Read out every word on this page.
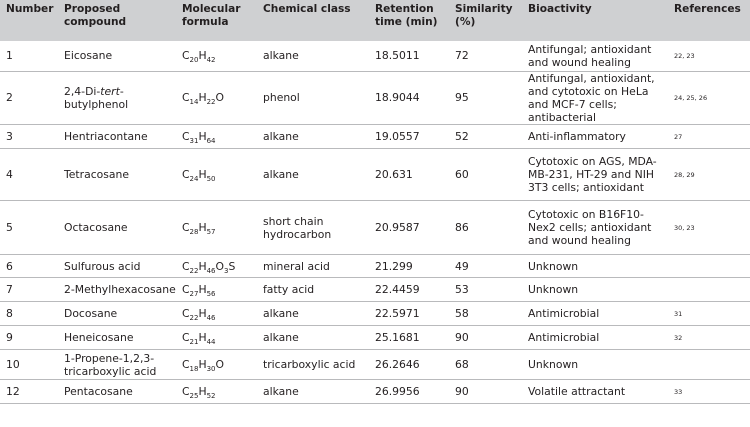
Number	Proposed compound	Molecular formula	Chemical class	Retention time (min)	Similarity (%)	Bioactivity	References
1	Eicosane	$C_{20}H_{42}$	alkane	18.5011	72	Antifungal; antioxidant and wound healing	22, 23
2	2,4-Di-tert-butylphenol	$C_{14}H_{22}O$	phenol	18.9044	95	Antifungal, antioxidant, and cytotoxic on HeLa and MCF-7 cells; antibacterial	24, 25, 26
3	Hentriacontane	$C_{31}H_{64}$	alkane	19.0557	52	Anti-inflammatory	27
4	Tetracosane	$C_{24}H_{50}$	alkane	20.631	60	Cytotoxic on AGS, MDA-MB-231, HT-29 and NIH 3T3 cells; antioxidant	28, 29
5	Octacosane	$C_{28}H_{57}$	short chain hydrocarbon	20.9587	86	Cytotoxic on B16F10-Nex2 cells; antioxidant and wound healing	30, 23
6	Sulfurous acid	$C_{22}H_{46}O_3S$	mineral acid	21.299	49	Unknown	
7	2-Methylhexacosane	$C_{27}H_{56}$	fatty acid	22.4459	53	Unknown	
8	Docosane	$C_{22}H_{46}$	alkane	22.5971	58	Antimicrobial	31
9	Heneicosane	$C_{21}H_{44}$	alkane	25.1681	90	Antimicrobial	32
10	1-Propene-1,2,3-tricarboxylic acid	$C_{18}H_{30}O$	tricarboxylic acid	26.2646	68	Unknown	
12	Pentacosane	$C_{25}H_{52}$	alkane	26.9956	90	Volatile attractant	33
